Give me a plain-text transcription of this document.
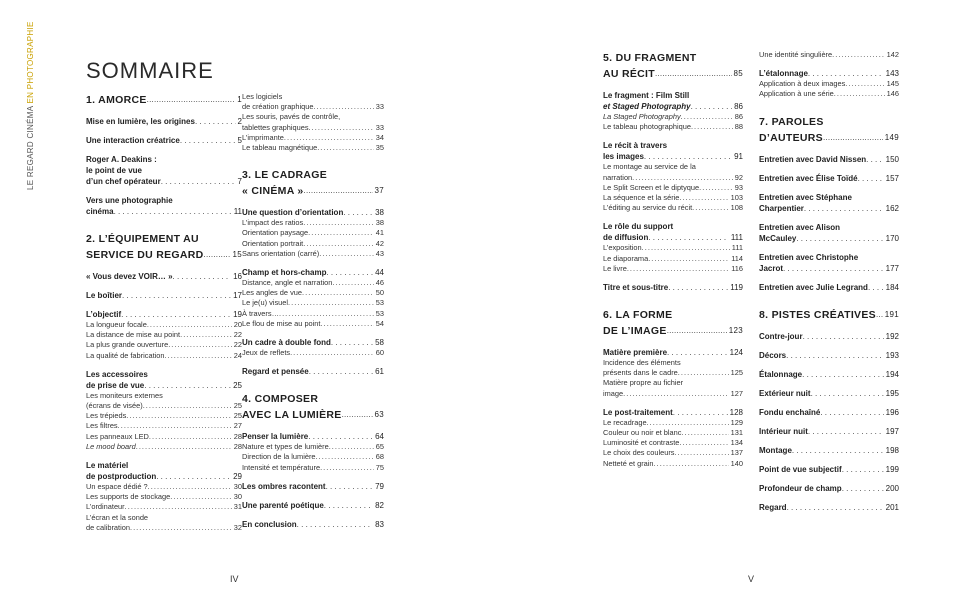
LE REGARD CINÉMA EN PHOTOGRAPHIE SOMMAIRE
1. AMORCE . . .	1
Mise en lumière, les origines . . .	2
Une interaction créatrice . . .	5
Roger A. Deakins :
le point de vue
d’un chef opérateur . . .	7
Vers une photographie
cinéma . . .	11
2. L’ÉQUIPEMENT AU
SERVICE DU REGARD . . .	15
« Vous devez VOIR… » . . .	16
Le boîtier . . .	17
L’objectif . . .	19
La longueur focale . . .	20
La distance de mise au point . . .	22
La plus grande ouverture . . .	22
La qualité de fabrication . . .	24
Les accessoires
de prise de vue . . .	25
Les moniteurs externes
(écrans de visée) . . .	25
Les trépieds . . .	25
Les filtres . . .	27
Les panneaux LED . . .	28
Le mood board . . .	28
Le matériel
de postproduction . . .	29
Un espace dédié ? . . .	30
Les supports de stockage . . .	30
L’ordinateur . . .	31
L’écran et la sonde
de calibration . . .	32
Les logiciels
de création graphique . . .	33
Les souris, pavés de contrôle,
tablettes graphiques . . .	33
L’imprimante . . .	34
Le tableau magnétique . . .	35
3. LE CADRAGE
« CINÉMA » . . .	37
Une question d’orientation . . .	38
L’impact des ratios . . .	38
Orientation paysage . . .	41
Orientation portrait . . .	42
Sans orientation (carré) . . .	43
Champ et hors-champ . . .	44
Distance, angle et narration . . .	46
Les angles de vue . . .	50
Le je(u) visuel . . .	53
À travers… . . .	53
Le flou de mise au point . . .	54
Un cadre à double fond . . .	58
Jeux de reflets . . .	60
Regard et pensée . . .	61
4. COMPOSER
AVEC LA LUMIÈRE . . .	63
Penser la lumière . . .	64
Nature et types de lumière . . .	65
Direction de la lumière . . .	68
Intensité et température . . .	75
Les ombres racontent . . .	79
Une parenté poétique . . .	82
En conclusion . . .	83
5. DU FRAGMENT
AU RÉCIT . . .	85
Le fragment : Film Still
et Staged Photography . . .	86
La Staged Photography . . .	86
Le tableau photographique . . .	88
Le récit à travers
les images . . .	91
Le montage au service de la
narration . . .	92
Le Split Screen et le diptyque . . .	93
La séquence et la série . . .	103
L’éditing au service du récit . . .	108
Le rôle du support
de diffusion . . .	111
L’exposition . . .	111
Le diaporama . . .	114
Le livre . . .	116
Titre et sous-titre . . .	119
6. LA FORME
DE L’IMAGE . . .	123
Matière première . . .	124
Incidence des éléments
présents dans le cadre . . .	125
Matière propre au fichier
image . . .	127
Le post-traitement . . .	128
Le recadrage . . .	129
Couleur ou noir et blanc . . .	131
Luminosité et contraste . . .	134
Le choix des couleurs . . .	137
Netteté et grain . . .	140
Une identité singulière . . .	142
L’étalonnage . . .	143
Application à deux images . . .	145
Application à une série . . .	146
7. PAROLES
D’AUTEURS . . .	149
Entretien avec David Nissen . . . 150
Entretien avec Élise Toïdé . . .	157
Entretien avec Stéphane
Charpentier . . .	162
Entretien avec Alison
McCauley . . .	170
Entretien avec Christophe
Jacrot . . .	177
Entretien avec Julie Legrand . . . 184
8. PISTES CRÉATIVES . . . 191
Contre-jour . . .	192
Décors . . .	193
Étalonnage . . .	194
Extérieur nuit . . .	195
Fondu enchaîné . . .	196
Intérieur nuit . . .	197
Montage . . .	198
Point de vue subjectif . . .	199
Profondeur de champ . . .	200
Regard . . .	201
IV	V
